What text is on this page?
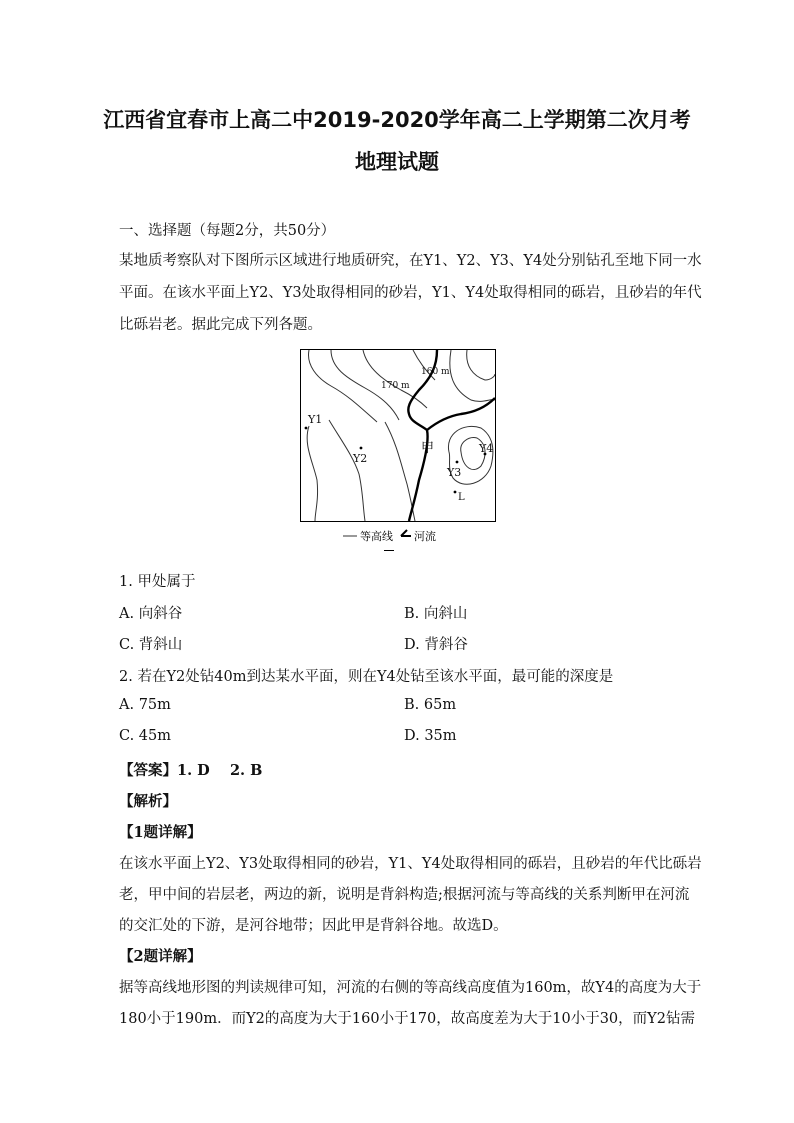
江西省宜春市上高二中2019-2020学年高二上学期第二次月考
地理试题
一、选择题（每题2分，共50分）
某地质考察队对下图所示区域进行地质研究，在Y1、Y2、Y3、Y4处分别钻孔至地下同一水
平面。在该水平面上Y2、Y3处取得相同的砂岩，Y1、Y4处取得相同的砾岩，且砂岩的年代
比砾岩老。据此完成下列各题。
170 m
160 m
Y1
Y2
甲
Y3
Y4
L
等高线 河流
1. 甲处属于
A. 向斜谷	B. 向斜山
C. 背斜山	D. 背斜谷
2. 若在Y2处钻40m到达某水平面，则在Y4处钻至该水平面，最可能的深度是
A. 75m	B. 65m
C. 45m	D. 35m
【答案】1. D    2. B
【解析】
【1题详解】
在该水平面上Y2、Y3处取得相同的砂岩，Y1、Y4处取得相同的砾岩，且砂岩的年代比砾岩
老，甲中间的岩层老，两边的新，说明是背斜构造;根据河流与等高线的关系判断甲在河流
的交汇处的下游，是河谷地带；因此甲是背斜谷地。故选D。
【2题详解】
据等高线地形图的判读规律可知，河流的右侧的等高线高度值为160m，故Y4的高度为大于
180小于190m．而Y2的高度为大于160小于170，故高度差为大于10小于30，而Y2钻需
